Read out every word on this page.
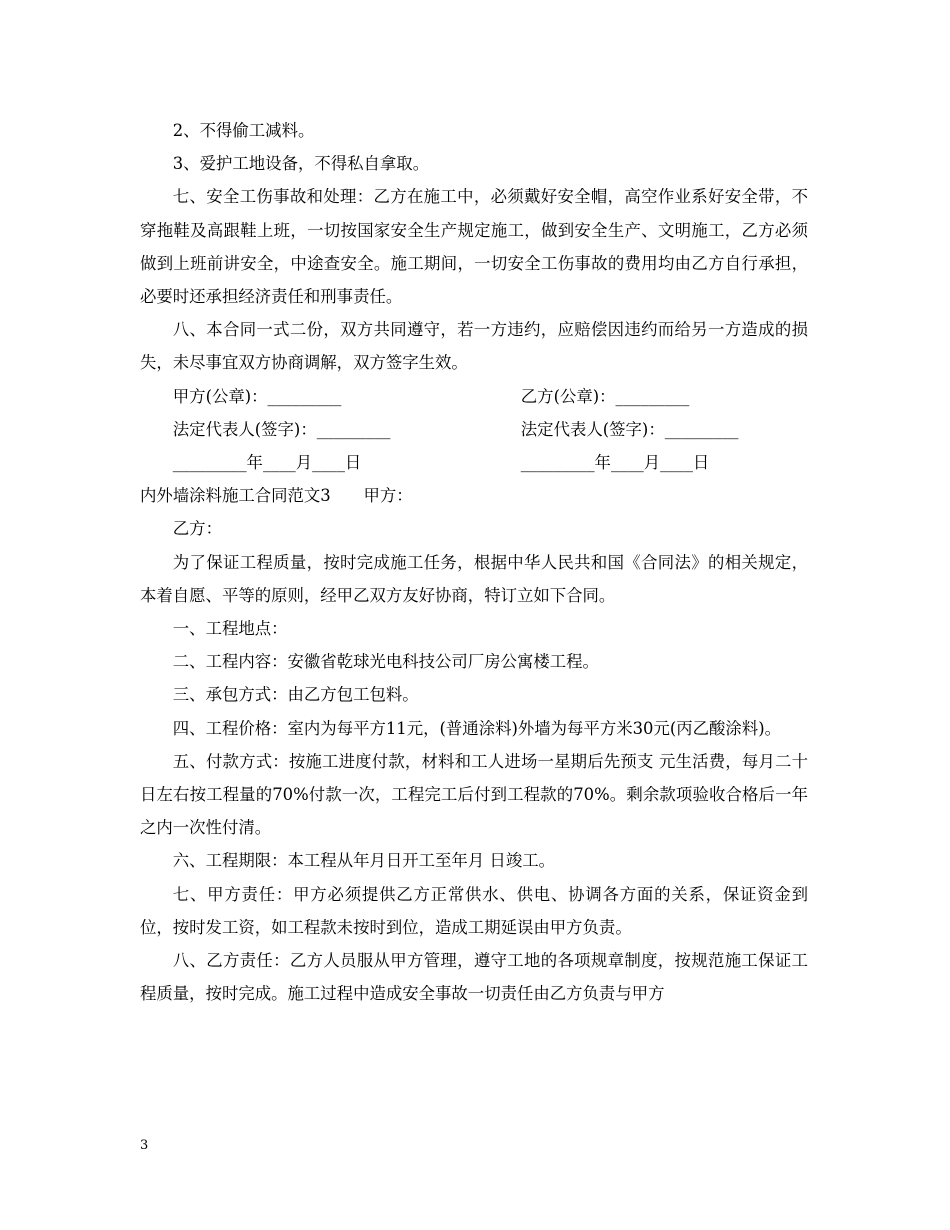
2、不得偷工减料。

3、爱护工地设备，不得私自拿取。

七、安全工伤事故和处理：乙方在施工中，必须戴好安全帽，高空作业系好安全带，不穿拖鞋及高跟鞋上班，一切按国家安全生产规定施工，做到安全生产、文明施工，乙方必须做到上班前讲安全，中途查安全。施工期间，一切安全工伤事故的费用均由乙方自行承担，必要时还承担经济责任和刑事责任。

八、本合同一式二份，双方共同遵守，若一方违约，应赔偿因违约而给另一方造成的损失，未尽事宜双方协商调解，双方签字生效。

甲方(公章)：_________	乙方(公章)：_________
法定代表人(签字)：_________	法定代表人(签字)：_________
_________年____月____日	_________年____月____日

内外墙涂料施工合同范文3　　甲方：

乙方：

为了保证工程质量，按时完成施工任务，根据中华人民共和国《合同法》的相关规定，本着自愿、平等的原则，经甲乙双方友好协商，特订立如下合同。

一、工程地点：

二、工程内容：安徽省乾球光电科技公司厂房公寓楼工程。

三、承包方式：由乙方包工包料。

四、工程价格：室内为每平方11元，(普通涂料)外墙为每平方米30元(丙乙酸涂料)。

五、付款方式：按施工进度付款，材料和工人进场一星期后先预支 元生活费，每月二十日左右按工程量的70%付款一次，工程完工后付到工程款的70%。剩余款项验收合格后一年之内一次性付清。

六、工程期限：本工程从年月日开工至年月 日竣工。

七、甲方责任：甲方必须提供乙方正常供水、供电、协调各方面的关系，保证资金到位，按时发工资，如工程款未按时到位，造成工期延误由甲方负责。

八、乙方责任：乙方人员服从甲方管理，遵守工地的各项规章制度，按规范施工保证工程质量，按时完成。施工过程中造成安全事故一切责任由乙方负责与甲方

3
